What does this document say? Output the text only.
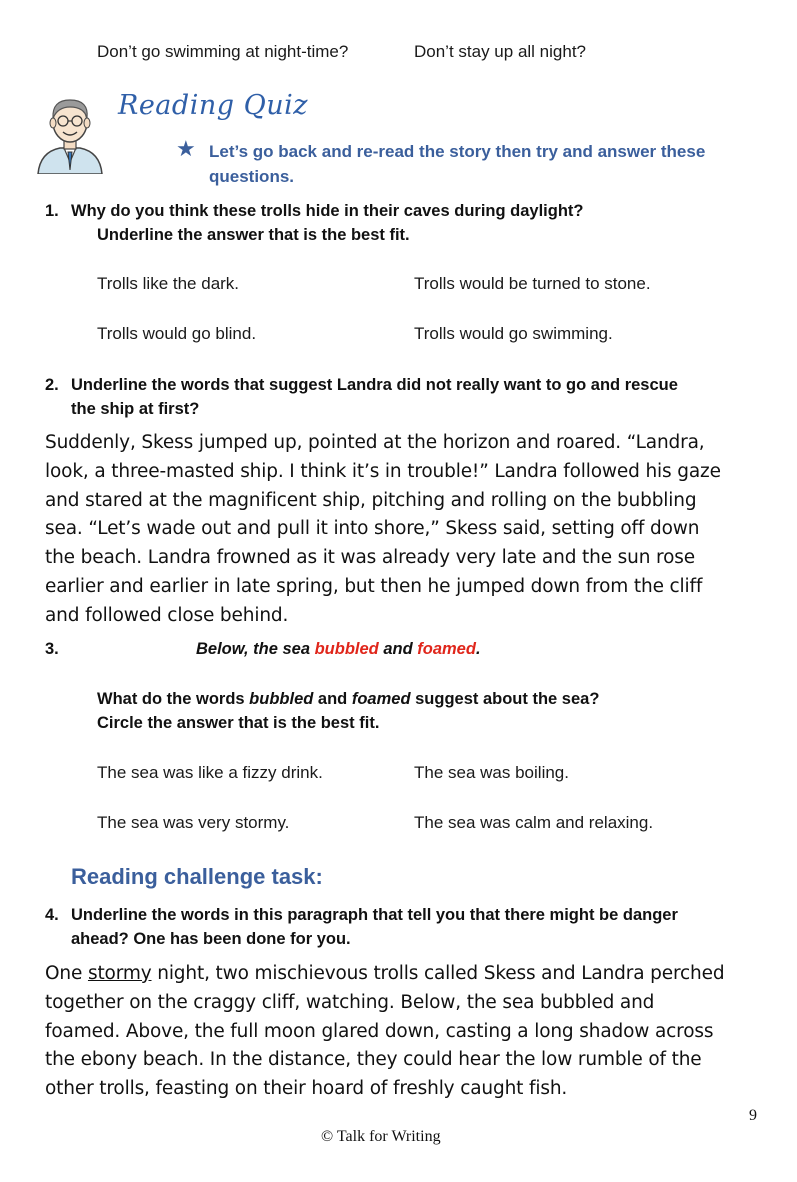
Don’t go swimming at night-time?	Don’t stay up all night?
Reading Quiz
★ Let’s go back and re-read the story then try and answer these questions.
1. Why do you think these trolls hide in their caves during daylight?
Underline the answer that is the best fit.
Trolls like the dark.	Trolls would be turned to stone.
Trolls would go blind.	Trolls would go swimming.
2. Underline the words that suggest Landra did not really want to go and rescue
the ship at first?
Suddenly, Skess jumped up, pointed at the horizon and roared. “Landra,
look, a three-masted ship. I think it’s in trouble!” Landra followed his gaze
and stared at the magnificent ship, pitching and rolling on the bubbling
sea. “Let’s wade out and pull it into shore,” Skess said, setting off down
the beach. Landra frowned as it was already very late and the sun rose
earlier and earlier in late spring, but then he jumped down from the cliff
and followed close behind.
3.	Below, the sea bubbled and foamed.
What do the words bubbled and foamed suggest about the sea?
Circle the answer that is the best fit.
The sea was like a fizzy drink.	The sea was boiling.
The sea was very stormy.	The sea was calm and relaxing.
Reading challenge task:
4. Underline the words in this paragraph that tell you that there might be danger
ahead? One has been done for you.
One stormy night, two mischievous trolls called Skess and Landra perched
together on the craggy cliff, watching. Below, the sea bubbled and
foamed. Above, the full moon glared down, casting a long shadow across
the ebony beach. In the distance, they could hear the low rumble of the
other trolls, feasting on their hoard of freshly caught fish.
9
© Talk for Writing
